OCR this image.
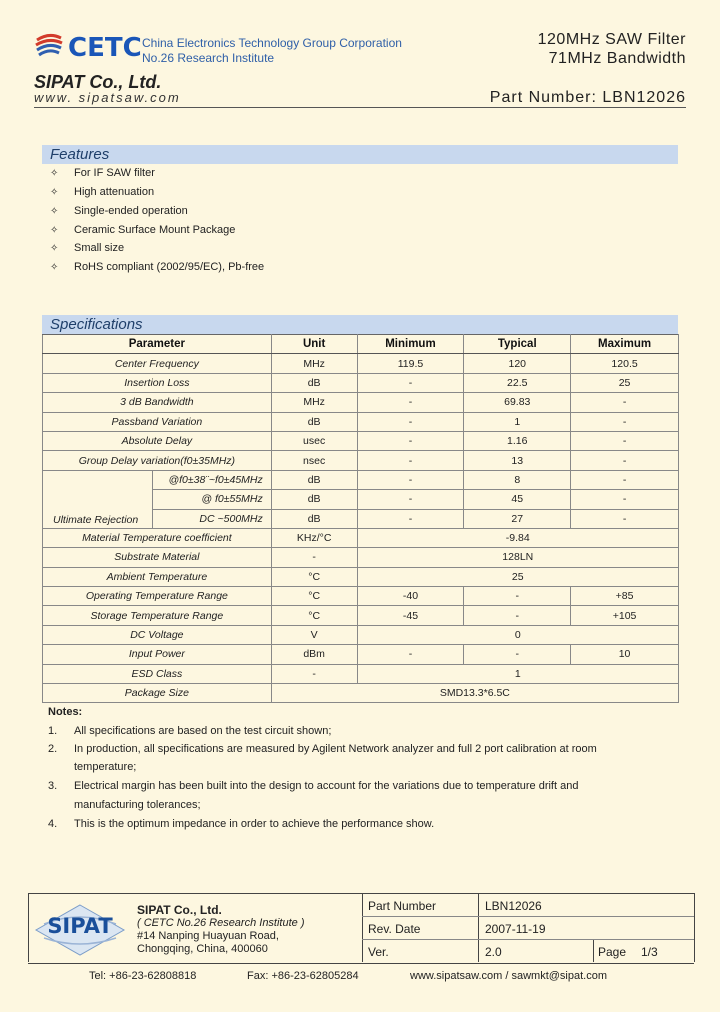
CETC China Electronics Technology Group Corporation
No.26 Research Institute
SIPAT Co., Ltd.
www. sipatsaw.com
120MHz SAW Filter
71MHz Bandwidth
Part Number: LBN12026
Features
✧ For IF SAW filter
✧ High attenuation
✧ Single-ended operation
✧ Ceramic Surface Mount Package
✧ Small size
✧ RoHS compliant (2002/95/EC), Pb-free
Specifications
Parameter		Unit	Minimum	Typical	Maximum
Center Frequency		MHz	119.5	120	120.5
Insertion Loss		dB	-	22.5	25
3 dB Bandwidth		MHz	-	69.83	-
Passband Variation		dB	-	1	-
Absolute Delay		usec	-	1.16	-
Group Delay variation(f0±35MHz)		nsec	-	13	-
Ultimate Rejection	@f0±38¨~f0±45MHz	dB	-	8	-
	@ f0±55MHz	dB	-	45	-
	DC ~500MHz	dB	-	27	-
Material Temperature coefficient		KHz/°C	-9.84		
Substrate Material		-	128LN		
Ambient Temperature		°C	25		
Operating Temperature Range		°C	-40	-	+85
Storage Temperature Range		°C	-45	-	+105
DC Voltage		V	0		
Input Power		dBm	-	-	10
ESD Class		-	1		
Package Size		SMD13.3*6.5C			
Notes:
1. All specifications are based on the test circuit shown;
2. In production, all specifications are measured by Agilent Network analyzer and full 2 port calibration at room
temperature;
3. Electrical margin has been built into the design to account for the variations due to temperature drift and
manufacturing tolerances;
4. This is the optimum impedance in order to achieve the performance show.
SIPAT
SIPAT Co., Ltd.
( CETC No.26 Research Institute )
#14 Nanping Huayuan Road,
Chongqing, China, 400060
Part Number	LBN12026
Rev. Date	2007-11-19
Ver.	2.0	Page 1/3
Tel: +86-23-62808818	Fax: +86-23-62805284	www.sipatsaw.com / sawmkt@sipat.com
